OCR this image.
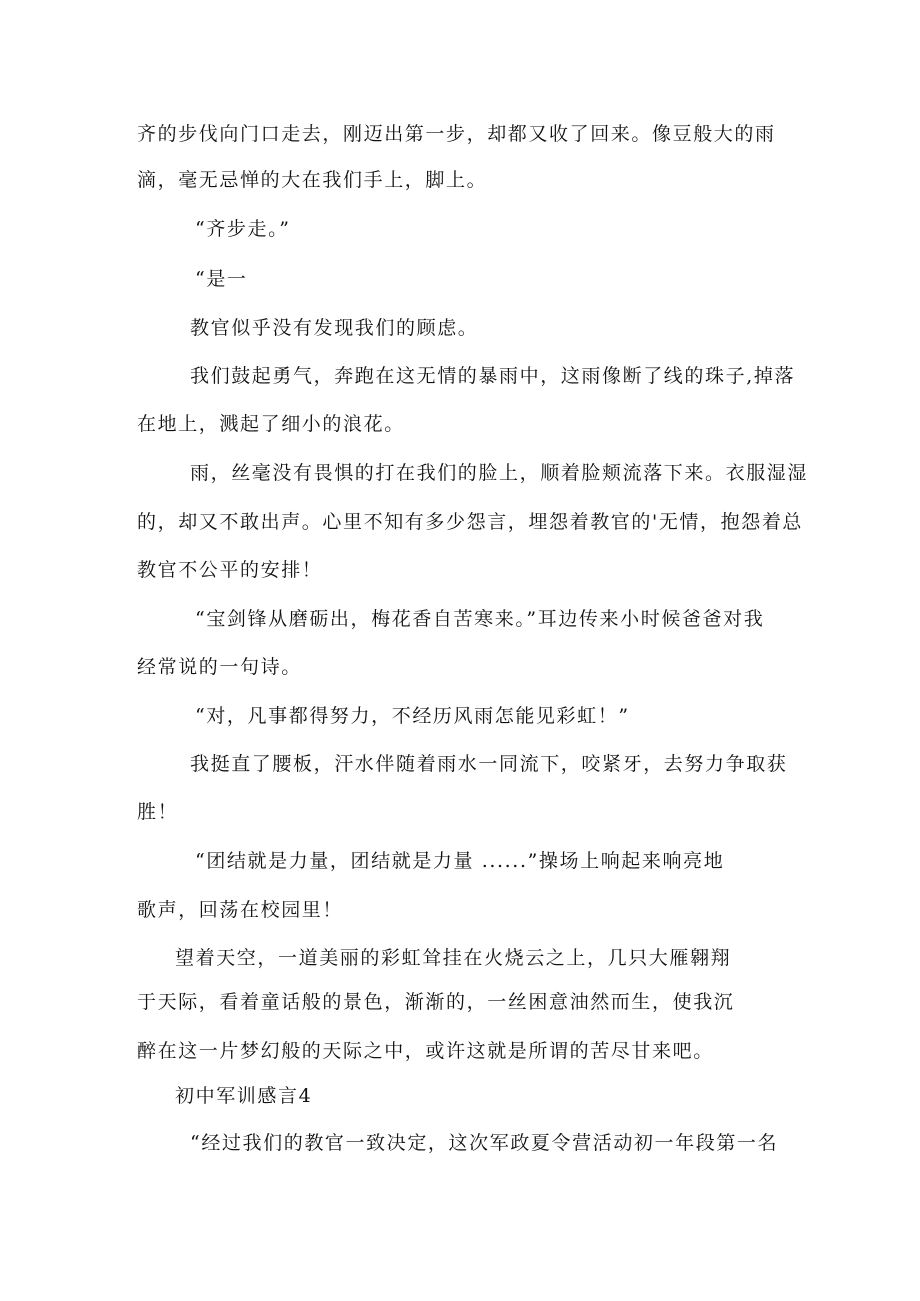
齐的步伐向门口走去，刚迈出第一步，却都又收了回来。像豆般大的雨
滴，毫无忌惮的大在我们手上，脚上。
“齐步走。”
“是一
教官似乎没有发现我们的顾虑。
我们鼓起勇气，奔跑在这无情的暴雨中，这雨像断了线的珠子,掉落
在地上，溅起了细小的浪花。
雨，丝毫没有畏惧的打在我们的脸上，顺着脸颊流落下来。衣服湿湿
的，却又不敢出声。心里不知有多少怨言，埋怨着教官的'无情，抱怨着总
教官不公平的安排！
“宝剑锋从磨砺出，梅花香自苦寒来。”耳边传来小时候爸爸对我
经常说的一句诗。
“对，凡事都得努力，不经历风雨怎能见彩虹！”
我挺直了腰板，汗水伴随着雨水一同流下，咬紧牙，去努力争取获
胜！
“团结就是力量，团结就是力量 ......”操场上响起来响亮地
歌声，回荡在校园里！
望着天空，一道美丽的彩虹耸挂在火烧云之上，几只大雁翱翔
于天际，看着童话般的景色，渐渐的，一丝困意油然而生，使我沉
醉在这一片梦幻般的天际之中，或许这就是所谓的苦尽甘来吧。
初中军训感言4
“经过我们的教官一致决定，这次军政夏令营活动初一年段第一名
